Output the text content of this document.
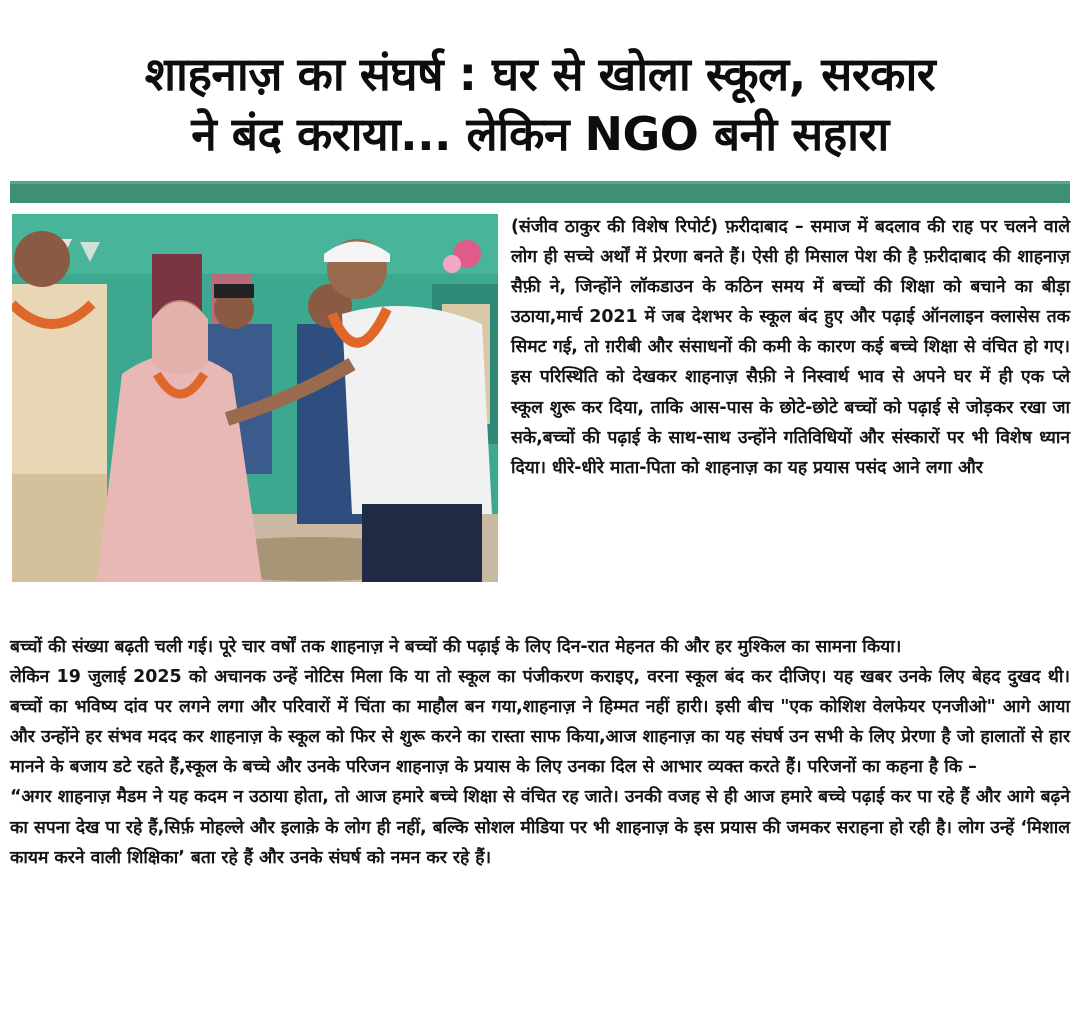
शाहनाज़ का संघर्ष : घर से खोला स्कूल, सरकार
ने बंद कराया... लेकिन NGO बनी सहारा

(संजीव ठाकुर की विशेष रिपोर्ट) फ़रीदाबाद – समाज में बदलाव की राह पर चलने वाले लोग ही सच्चे अर्थों में प्रेरणा बनते हैं। ऐसी ही मिसाल पेश की है फ़रीदाबाद की शाहनाज़ सैफ़ी ने, जिन्होंने लॉकडाउन के कठिन समय में बच्चों की शिक्षा को बचाने का बीड़ा उठाया,मार्च 2021 में जब देशभर के स्कूल बंद हुए और पढ़ाई ऑनलाइन क्लासेस तक सिमट गई, तो ग़रीबी और संसाधनों की कमी के कारण कई बच्चे शिक्षा से वंचित हो गए। इस परिस्थिति को देखकर शाहनाज़ सैफ़ी ने निस्वार्थ भाव से अपने घर में ही एक प्ले स्कूल शुरू कर दिया, ताकि आस-पास के छोटे-छोटे बच्चों को पढ़ाई से जोड़कर रखा जा सके,बच्चों की पढ़ाई के साथ-साथ उन्होंने गतिविधियों और संस्कारों पर भी विशेष ध्यान दिया। धीरे-धीरे माता-पिता को शाहनाज़ का यह प्रयास पसंद आने लगा और

बच्चों की संख्या बढ़ती चली गई। पूरे चार वर्षों तक शाहनाज़ ने बच्चों की पढ़ाई के लिए दिन-रात मेहनत की और हर मुश्किल का सामना किया।

लेकिन 19 जुलाई 2025 को अचानक उन्हें नोटिस मिला कि या तो स्कूल का पंजीकरण कराइए, वरना स्कूल बंद कर दीजिए। यह खबर उनके लिए बेहद दुखद थी। बच्चों का भविष्य दांव पर लगने लगा और परिवारों में चिंता का माहौल बन गया,शाहनाज़ ने हिम्मत नहीं हारी। इसी बीच "एक कोशिश वेलफेयर एनजीओ" आगे आया और उन्होंने हर संभव मदद कर शाहनाज़ के स्कूल को फिर से शुरू करने का रास्ता साफ किया,आज शाहनाज़ का यह संघर्ष उन सभी के लिए प्रेरणा है जो हालातों से हार मानने के बजाय डटे रहते हैं,स्कूल के बच्चे और उनके परिजन शाहनाज़ के प्रयास के लिए उनका दिल से आभार व्यक्त करते हैं। परिजनों का कहना है कि –

“अगर शाहनाज़ मैडम ने यह कदम न उठाया होता, तो आज हमारे बच्चे शिक्षा से वंचित रह जाते। उनकी वजह से ही आज हमारे बच्चे पढ़ाई कर पा रहे हैं और आगे बढ़ने का सपना देख पा रहे हैं,सिर्फ़ मोहल्ले और इलाक़े के लोग ही नहीं, बल्कि सोशल मीडिया पर भी शाहनाज़ के इस प्रयास की जमकर सराहना हो रही है। लोग उन्हें ‘मिशाल कायम करने वाली शिक्षिका’ बता रहे हैं और उनके संघर्ष को नमन कर रहे हैं।
